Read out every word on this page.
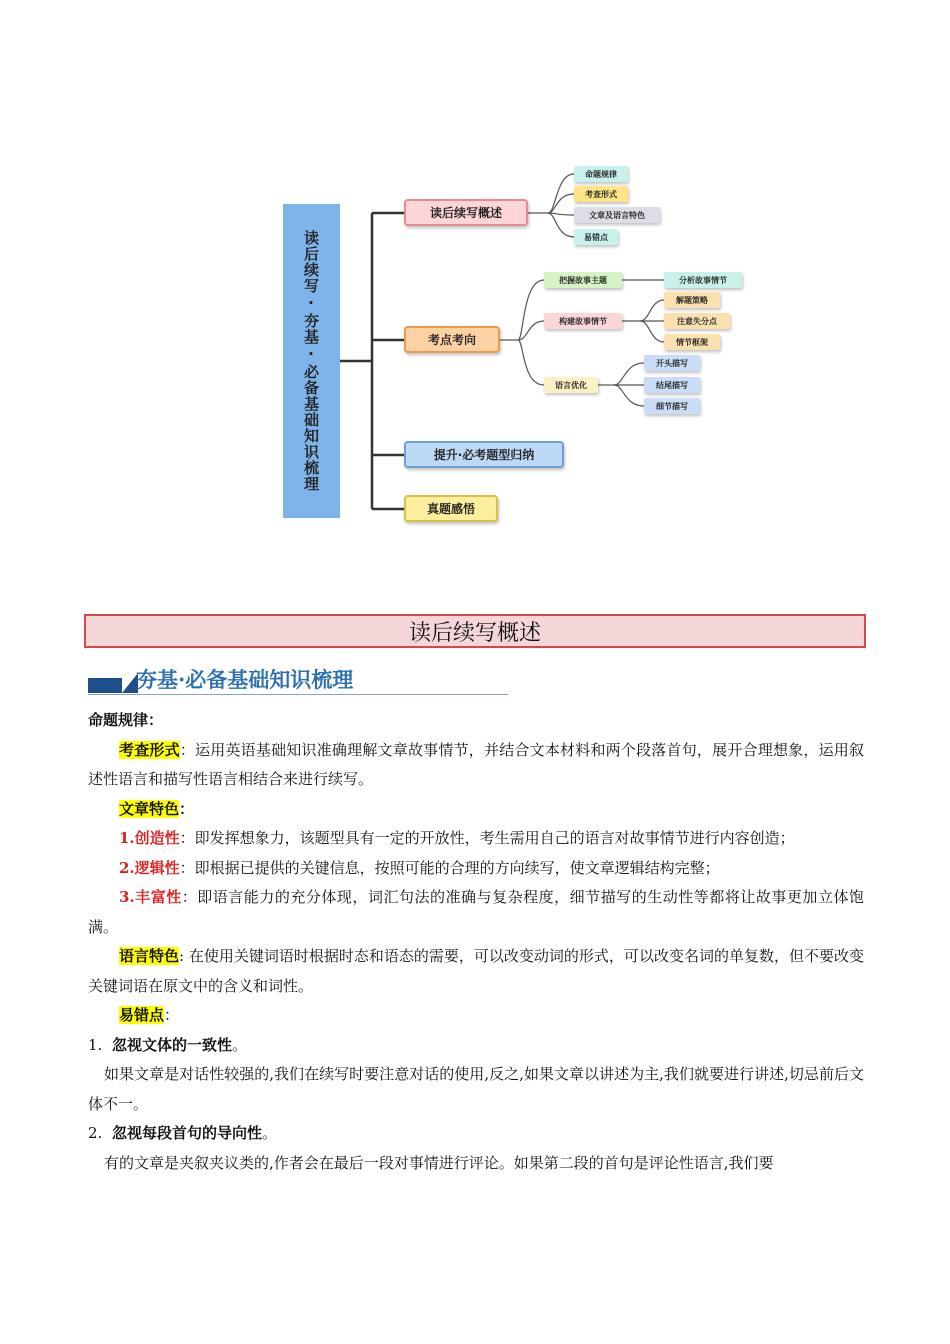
读后续写·夯基·必备基础知识梳理
读后续写概述
考点考向
提升·必考题型归纳
真题感悟
命题规律
考查形式
文章及语言特色
易错点
把握故事主题
构建故事情节
语言优化
分析故事情节
解题策略
注意失分点
情节框架
开头描写
结尾描写
细节描写
读后续写概述
夯基·必备基础知识梳理

命题规律：

考查形式：运用英语基础知识准确理解文章故事情节，并结合文本材料和两个段落首句，展开合理想象，运用叙述性语言和描写性语言相结合来进行续写。

文章特色：

1.创造性：即发挥想象力，该题型具有一定的开放性，考生需用自己的语言对故事情节进行内容创造；

2.逻辑性：即根据已提供的关键信息，按照可能的合理的方向续写，使文章逻辑结构完整；

3.丰富性：即语言能力的充分体现，词汇句法的准确与复杂程度，细节描写的生动性等都将让故事更加立体饱满。

语言特色: 在使用关键词语时根据时态和语态的需要，可以改变动词的形式，可以改变名词的单复数，但不要改变关键词语在原文中的含义和词性。

易错点：

1. 忽视文体的一致性。

如果文章是对话性较强的,我们在续写时要注意对话的使用,反之,如果文章以讲述为主,我们就要进行讲述,切忌前后文体不一。

2. 忽视每段首句的导向性。

有的文章是夹叙夹议类的,作者会在最后一段对事情进行评论。如果第二段的首句是评论性语言,我们要
